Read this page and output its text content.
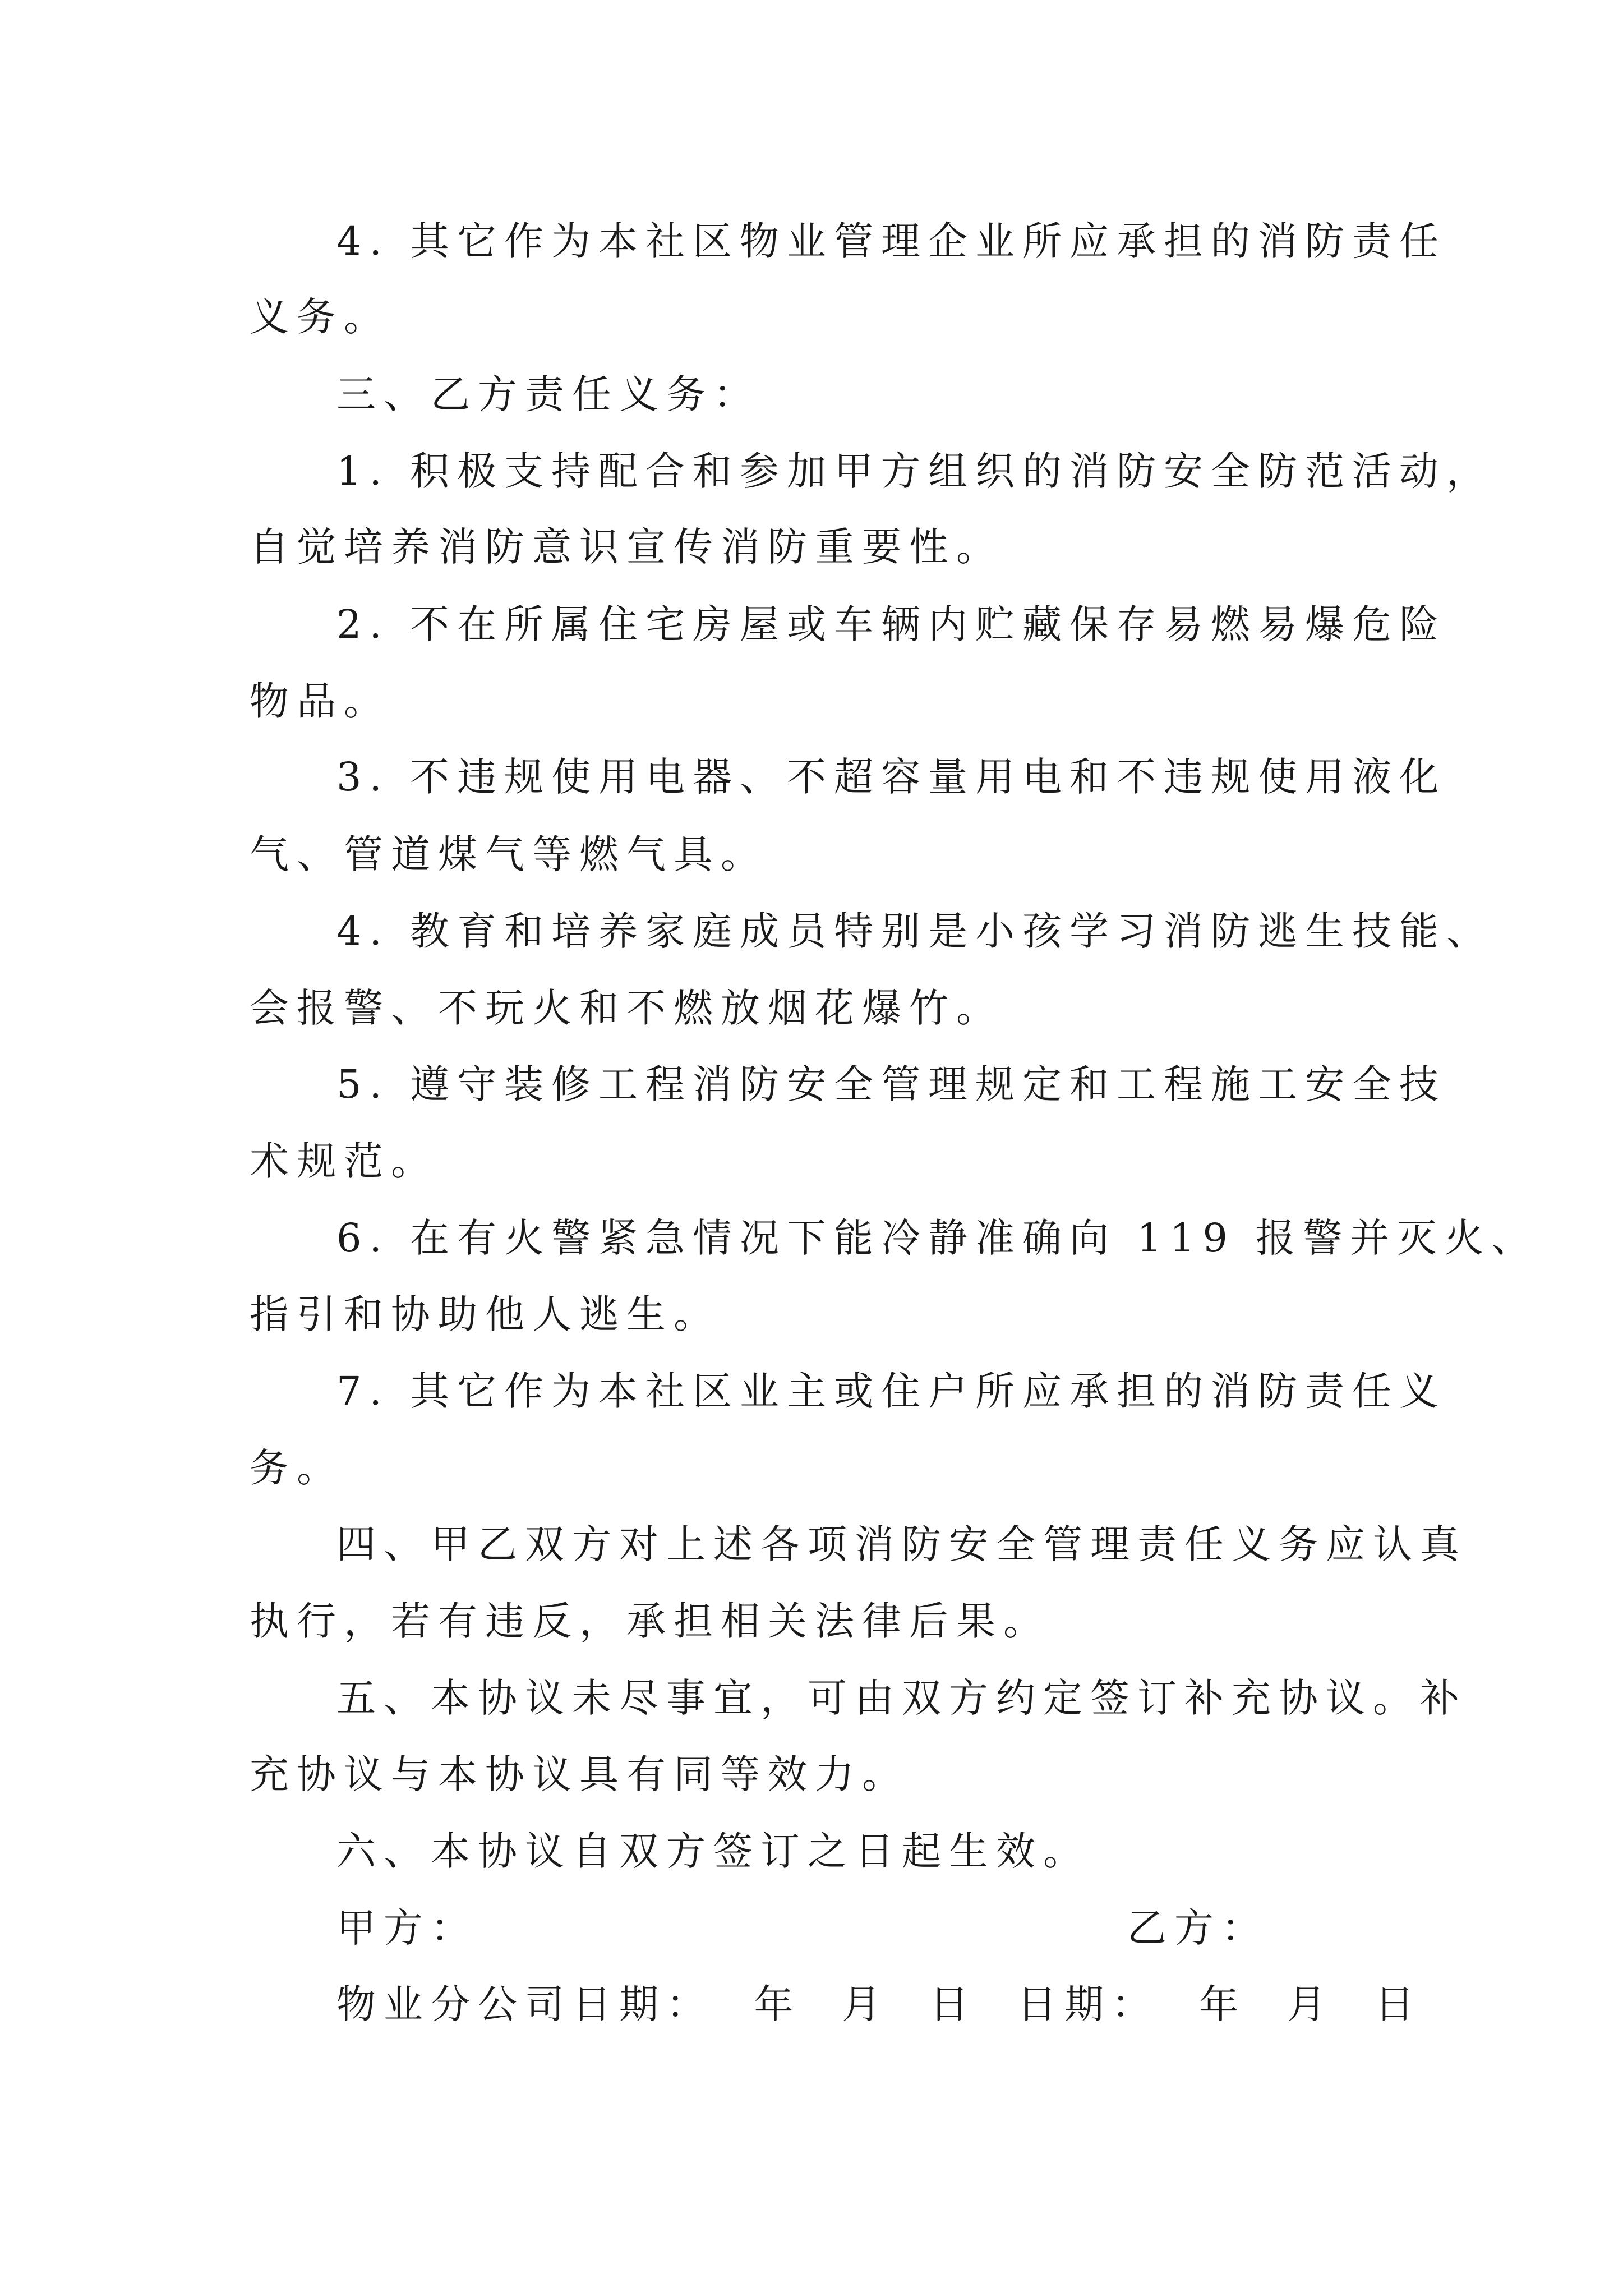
4. 其它作为本社区物业管理企业所应承担的消防责任
义务。
三、乙方责任义务：
1. 积极支持配合和参加甲方组织的消防安全防范活动，
自觉培养消防意识宣传消防重要性。
2. 不在所属住宅房屋或车辆内贮藏保存易燃易爆危险
物品。
3. 不违规使用电器、不超容量用电和不违规使用液化
气、管道煤气等燃气具。
4. 教育和培养家庭成员特别是小孩学习消防逃生技能、
会报警、不玩火和不燃放烟花爆竹。
5. 遵守装修工程消防安全管理规定和工程施工安全技
术规范。
6. 在有火警紧急情况下能冷静准确向 119 报警并灭火、
指引和协助他人逃生。
7. 其它作为本社区业主或住户所应承担的消防责任义
务。
四、甲乙双方对上述各项消防安全管理责任义务应认真
执行，若有违反，承担相关法律后果。
五、本协议未尽事宜，可由双方约定签订补充协议。补
充协议与本协议具有同等效力。
六、本协议自双方签订之日起生效。
甲方：	乙方：
物业分公司日期：  年  月  日  日期：  年  月  日
